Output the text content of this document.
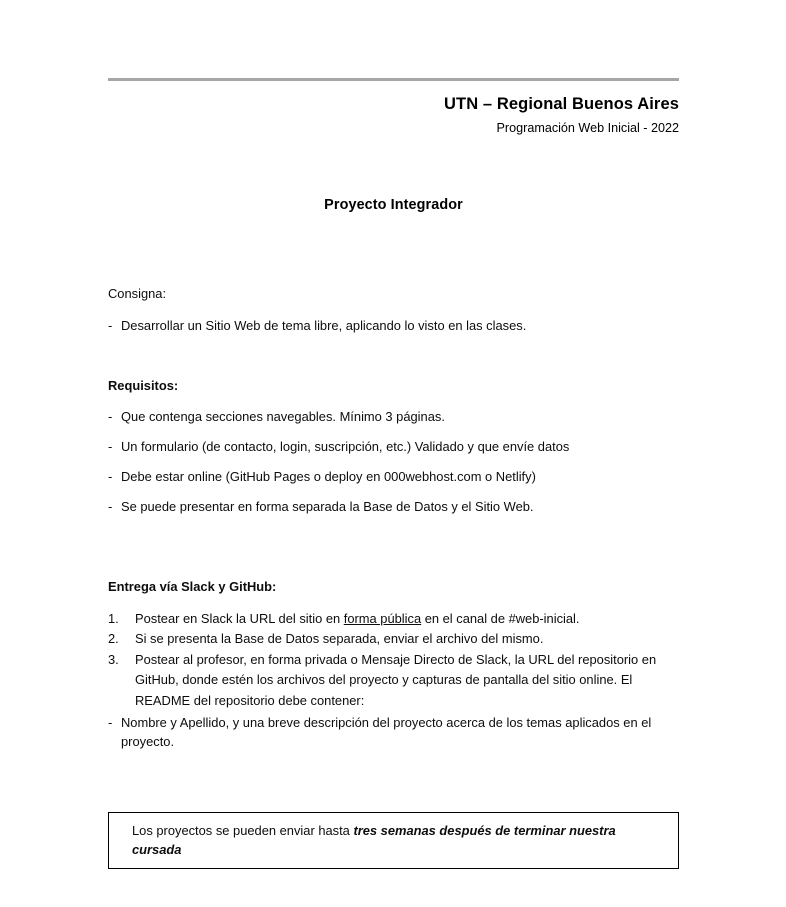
UTN – Regional Buenos Aires
Programación Web Inicial - 2022
Proyecto Integrador
Consigna:
- Desarrollar un Sitio Web de tema libre, aplicando lo visto en las clases.
Requisitos:
- Que contenga secciones navegables. Mínimo 3 páginas.
- Un formulario (de contacto, login, suscripción, etc.) Validado y que envíe datos
- Debe estar online (GitHub Pages o deploy en 000webhost.com o Netlify)
- Se puede presentar en forma separada la Base de Datos y el Sitio Web.
Entrega vía Slack y GitHub:
1.	Postear en Slack la URL del sitio en forma pública en el canal de #web-inicial.
2.	Si se presenta la Base de Datos separada, enviar el archivo del mismo.
3.	Postear al profesor, en forma privada o Mensaje Directo de Slack, la URL del repositorio en GitHub, donde estén los archivos del proyecto y capturas de pantalla del sitio online. El README del repositorio debe contener:
- Nombre y Apellido, y una breve descripción del proyecto acerca de los temas aplicados en el proyecto.
Los proyectos se pueden enviar hasta tres semanas después de terminar nuestra cursada
